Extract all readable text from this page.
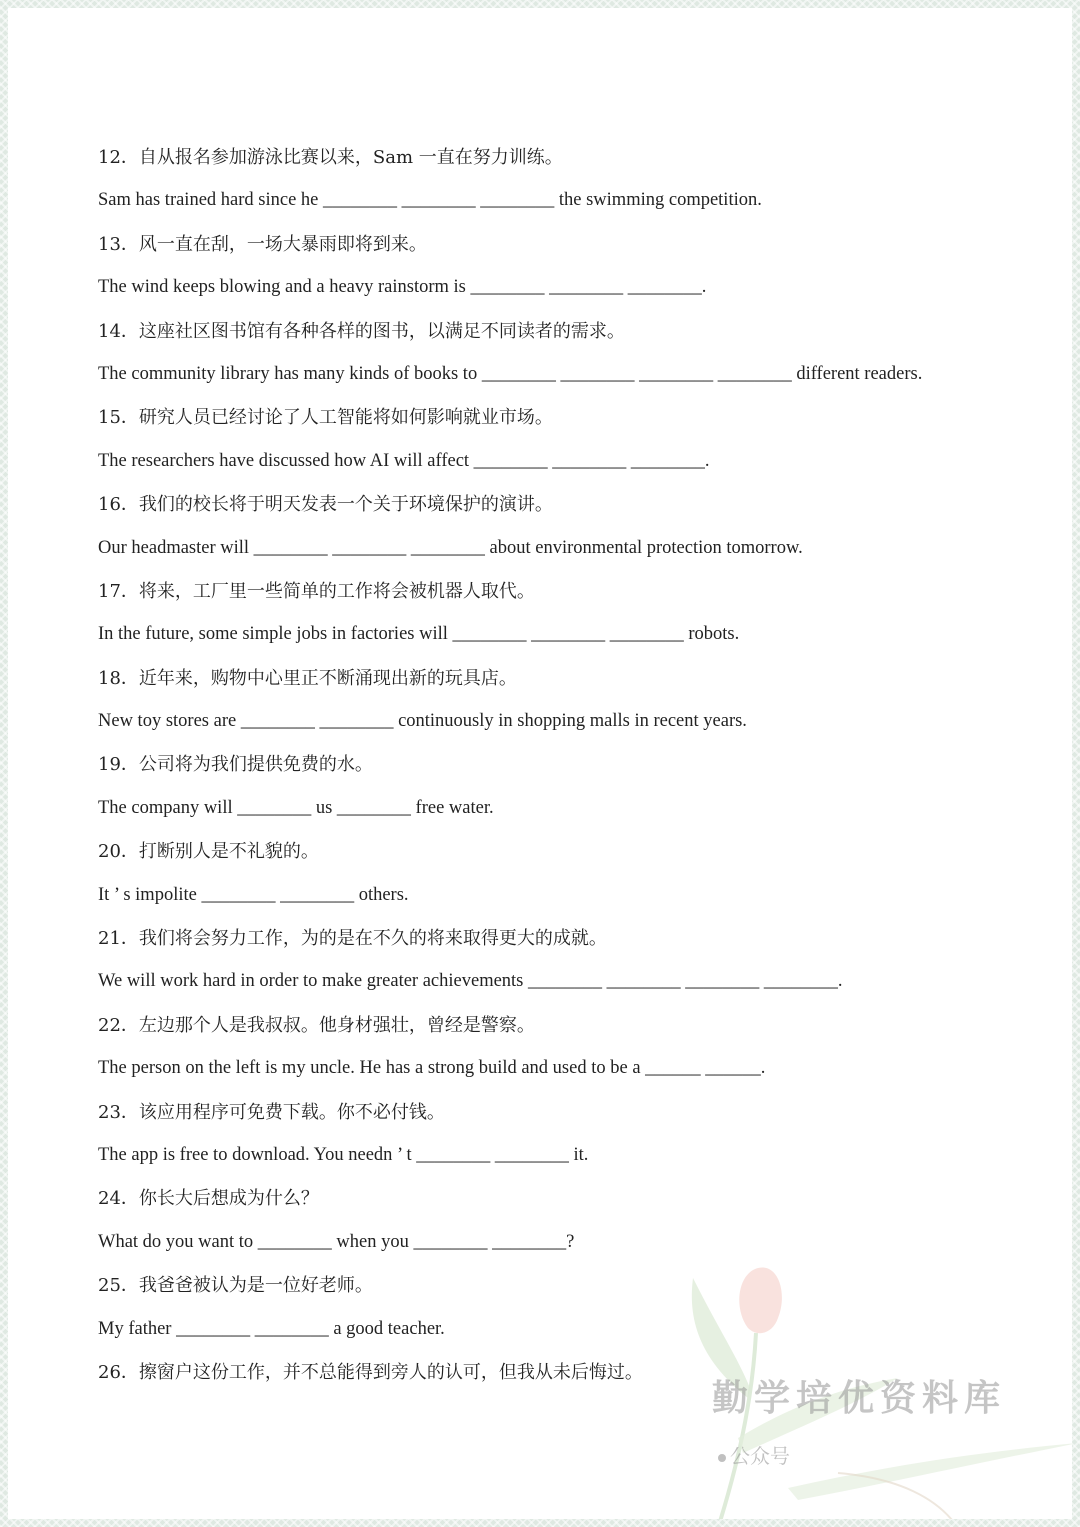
12．自从报名参加游泳比赛以来，Sam 一直在努力训练。
Sam has trained hard since he ________ ________ ________ the swimming competition.
13．风一直在刮，一场大暴雨即将到来。
The wind keeps blowing and a heavy rainstorm is ________ ________ ________.
14．这座社区图书馆有各种各样的图书，以满足不同读者的需求。
The community library has many kinds of books to ________ ________ ________ ________ different readers.
15．研究人员已经讨论了人工智能将如何影响就业市场。
The researchers have discussed how AI will affect ________ ________ ________.
16．我们的校长将于明天发表一个关于环境保护的演讲。
Our headmaster will ________ ________ ________ about environmental protection tomorrow.
17．将来，工厂里一些简单的工作将会被机器人取代。
In the future, some simple jobs in factories will ________ ________ ________ robots.
18．近年来，购物中心里正不断涌现出新的玩具店。
New toy stores are ________ ________ continuously in shopping malls in recent years.
19．公司将为我们提供免费的水。
The company will ________ us ________ free water.
20．打断别人是不礼貌的。
It ’ s impolite ________ ________ others.
21．我们将会努力工作，为的是在不久的将来取得更大的成就。
We will work hard in order to make greater achievements ________ ________ ________ ________.
22．左边那个人是我叔叔。他身材强壮，曾经是警察。
The person on the left is my uncle. He has a strong build and used to be a ______ ______.
23．该应用程序可免费下载。你不必付钱。
The app is free to download. You needn ’ t ________ ________ it.
24．你长大后想成为什么？
What do you want to ________ when you ________ ________?
25．我爸爸被认为是一位好老师。
My father ________ ________ a good teacher.
26．擦窗户这份工作，并不总能得到旁人的认可，但我从未后悔过。
勤学培优资料库
公众号
